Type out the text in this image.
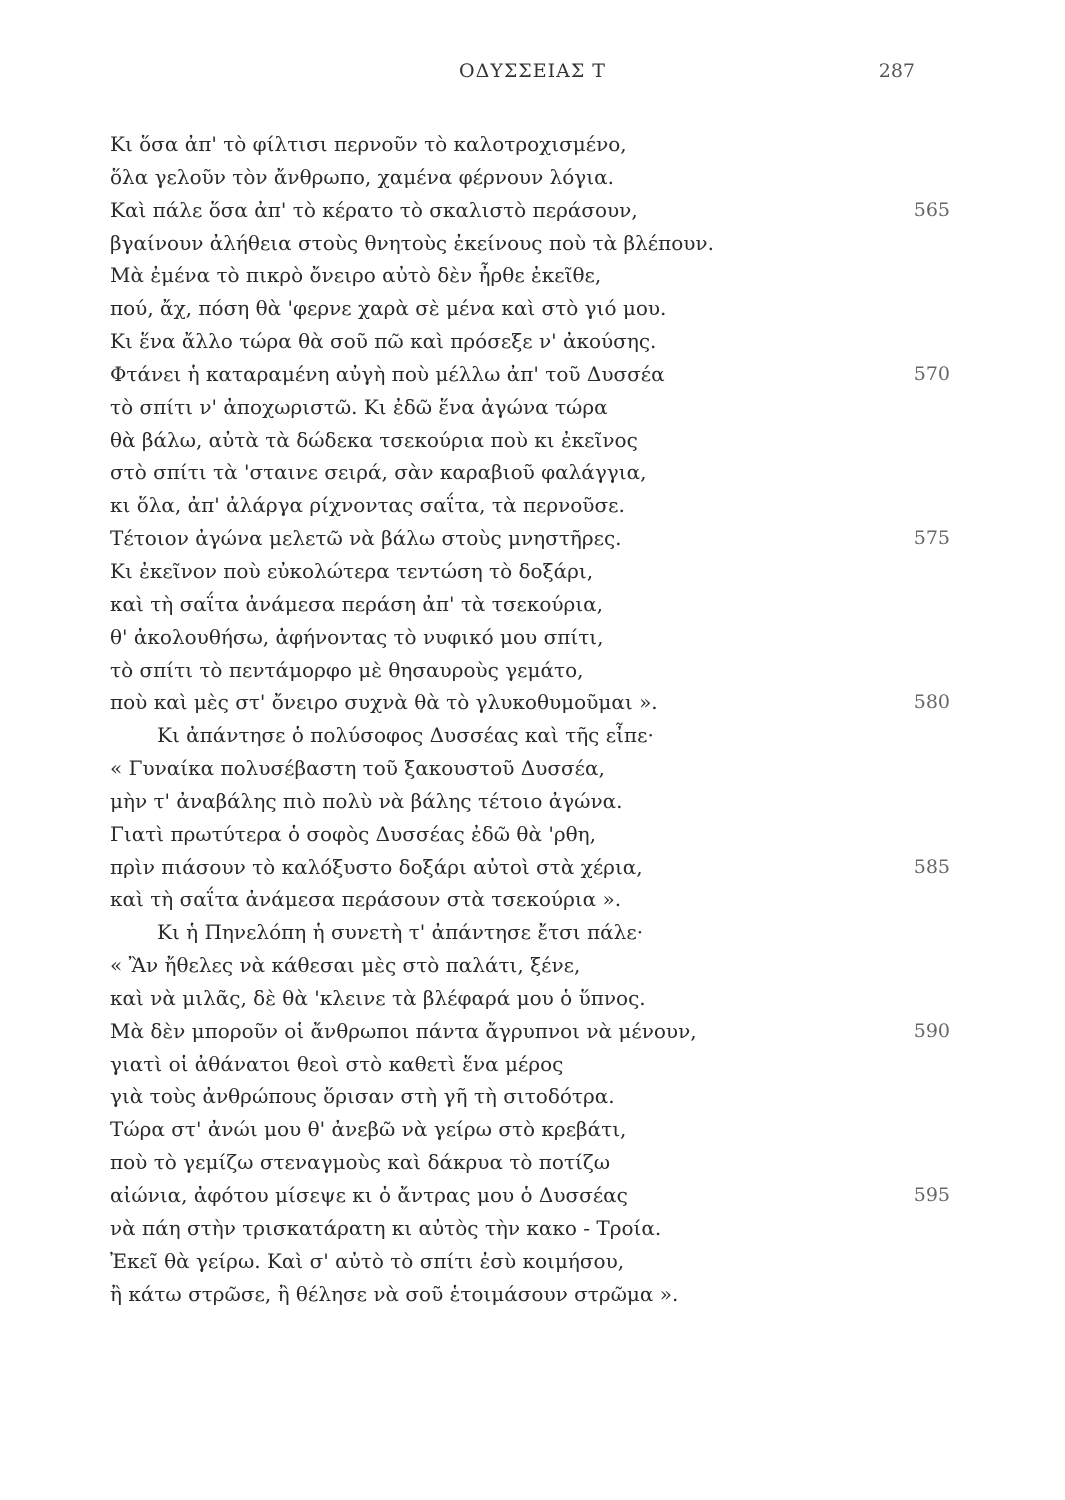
ΟΔΥΣΣΕΙΑΣ Τ	287
Κι ὅσα ἀπ' τὸ φίλτισι περνοῦν τὸ καλοτροχισμένο,
ὅλα γελοῦν τὸν ἄνθρωπο, χαμένα φέρνουν λόγια.
Καὶ πάλε ὅσα ἀπ' τὸ κέρατο τὸ σκαλιστὸ περάσουν,	565
βγαίνουν ἀλήθεια στοὺς θνητοὺς ἐκείνους ποὺ τὰ βλέπουν.
Μὰ ἐμένα τὸ πικρὸ ὄνειρο αὐτὸ δὲν ἦρθε ἐκεῖθε,
πού, ἄχ, πόση θὰ 'φερνε χαρὰ σὲ μένα καὶ στὸ γιό μου.
Κι ἕνα ἄλλο τώρα θὰ σοῦ πῶ καὶ πρόσεξε ν' ἀκούσης.
Φτάνει ἡ καταραμένη αὐγὴ ποὺ μέλλω ἀπ' τοῦ Δυσσέα	570
τὸ σπίτι ν' ἀποχωριστῶ. Κι ἐδῶ ἕνα ἀγώνα τώρα
θὰ βάλω, αὐτὰ τὰ δώδεκα τσεκούρια ποὺ κι ἐκεῖνος
στὸ σπίτι τὰ 'σταινε σειρά, σὰν καραβιοῦ φαλάγγια,
κι ὅλα, ἀπ' ἀλάργα ρίχνοντας σαΐτα, τὰ περνοῦσε.
Τέτοιον ἀγώνα μελετῶ νὰ βάλω στοὺς μνηστῆρες.	575
Κι ἐκεῖνον ποὺ εὐκολώτερα τεντώση τὸ δοξάρι,
καὶ τὴ σαΐτα ἀνάμεσα περάση ἀπ' τὰ τσεκούρια,
θ' ἀκολουθήσω, ἀφήνοντας τὸ νυφικό μου σπίτι,
τὸ σπίτι τὸ πεντάμορφο μὲ θησαυροὺς γεμάτο,
ποὺ καὶ μὲς στ' ὄνειρο συχνὰ θὰ τὸ γλυκοθυμοῦμαι ».	580
Κι ἀπάντησε ὁ πολύσοφος Δυσσέας καὶ τῆς εἶπε·
« Γυναίκα πολυσέβαστη τοῦ ξακουστοῦ Δυσσέα,
μὴν τ' ἀναβάλης πιὸ πολὺ νὰ βάλης τέτοιο ἀγώνα.
Γιατὶ πρωτύτερα ὁ σοφὸς Δυσσέας ἐδῶ θὰ 'ρθη,
πρὶν πιάσουν τὸ καλόξυστο δοξάρι αὐτοὶ στὰ χέρια,	585
καὶ τὴ σαΐτα ἀνάμεσα περάσουν στὰ τσεκούρια ».
Κι ἡ Πηνελόπη ἡ συνετὴ τ' ἀπάντησε ἔτσι πάλε·
« Ἂν ἤθελες νὰ κάθεσαι μὲς στὸ παλάτι, ξένε,
καὶ νὰ μιλᾶς, δὲ θὰ 'κλεινε τὰ βλέφαρά μου ὁ ὕπνος.
Μὰ δὲν μποροῦν οἱ ἄνθρωποι πάντα ἄγρυπνοι νὰ μένουν,	590
γιατὶ οἱ ἀθάνατοι θεοὶ στὸ καθετὶ ἕνα μέρος
γιὰ τοὺς ἀνθρώπους ὅρισαν στὴ γῆ τὴ σιτοδότρα.
Τώρα στ' ἀνώι μου θ' ἀνεβῶ νὰ γείρω στὸ κρεβάτι,
ποὺ τὸ γεμίζω στεναγμοὺς καὶ δάκρυα τὸ ποτίζω
αἰώνια, ἀφότου μίσεψε κι ὁ ἄντρας μου ὁ Δυσσέας	595
νὰ πάη στὴν τρισκατάρατη κι αὐτὸς τὴν κακο - Τροία.
Ἐκεῖ θὰ γείρω. Καὶ σ' αὐτὸ τὸ σπίτι ἐσὺ κοιμήσου,
ἢ κάτω στρῶσε, ἢ θέλησε νὰ σοῦ ἑτοιμάσουν στρῶμα ».
